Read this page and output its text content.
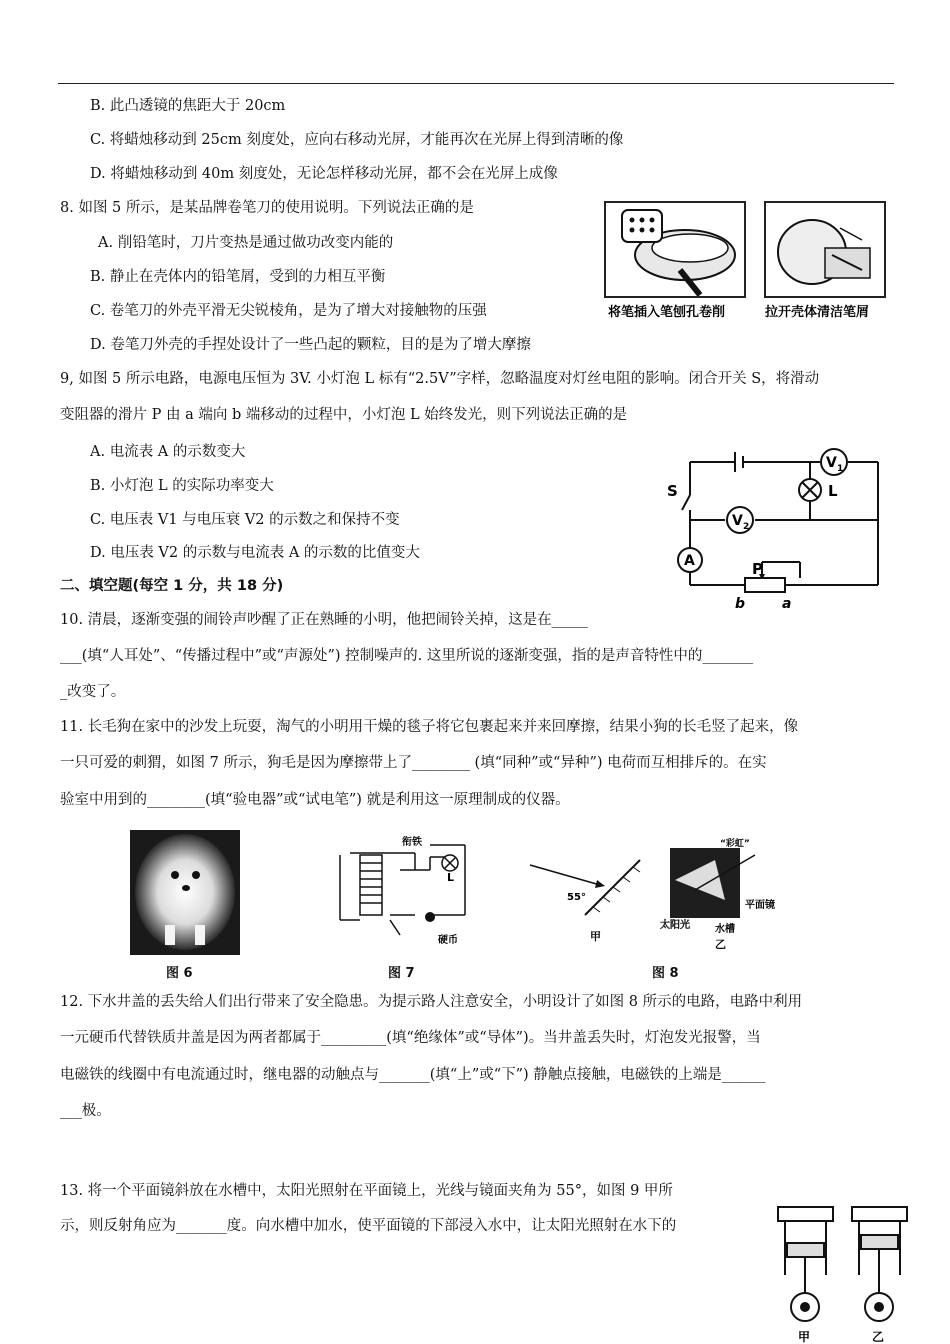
B. 此凸透镜的焦距大于 20cm
C. 将蜡烛移动到 25cm 刻度处，应向右移动光屏，才能再次在光屏上得到清晰的像
D. 将蜡烛移动到 40m 刻度处，无论怎样移动光屏，都不会在光屏上成像
8. 如图 5 所示，是某品牌卷笔刀的使用说明。下列说法正确的是
A. 削铅笔时，刀片变热是通过做功改变内能的
B. 静止在壳体内的铅笔屑，受到的力相互平衡
C. 卷笔刀的外壳平滑无尖锐棱角，是为了增大对接触物的压强
D. 卷笔刀外壳的手捏处设计了一些凸起的颗粒，目的是为了增大摩擦
将笔插入笔刨孔卷削	拉开壳体清洁笔屑
9, 如图 5 所示电路，电源电压恒为 3V. 小灯泡 L 标有“2.5V”字样，忽略温度对灯丝电阻的影响。闭合开关 S，将滑动
变阻器的滑片 P 由 a 端向 b 端移动的过程中，小灯泡 L 始终发光，则下列说法正确的是
A. 电流表 A 的示数变大
B. 小灯泡 L 的实际功率变大
C. 电压表 V1 与电压衰 V2 的示数之和保持不变
D. 电压表 V2 的示数与电流表 A 的示数的比值变大
S
V 1
L
V 2
A	P
b	a
二、填空题(每空 1 分，共 18 分)
10. 清晨，逐渐变强的闹铃声吵醒了正在熟睡的小明，他把闹铃关掉，这是在_____
___(填“人耳处”、“传播过程中”或“声源处”) 控制噪声的. 这里所说的逐渐变强，指的是声音特性中的_______
_改变了。
11. 长毛狗在家中的沙发上玩耍，淘气的小明用干燥的毯子将它包裹起来并来回摩擦，结果小狗的长毛竖了起来，像
一只可爱的刺猬，如图 7 所示，狗毛是因为摩擦带上了________ (填“同种”或“异种”) 电荷而互相排斥的。在实
验室中用到的________(填“验电器”或“试电笔”) 就是利用这一原理制成的仪器。
图 6
衔铁
L
硬币
图 7
55°
甲
“彩虹”
平面镜
太阳光	水槽
乙
图 8
12. 下水井盖的丢失给人们出行带来了安全隐患。为提示路人注意安全，小明设计了如图 8 所示的电路，电路中利用
一元硬币代替铁质井盖是因为两者都属于_________(填“绝缘体”或“导体”)。当井盖丢失时，灯泡发光报警，当
电磁铁的线圈中有电流通过时，继电器的动触点与_______(填“上”或“下”) 静触点接触，电磁铁的上端是______
___极。
13. 将一个平面镜斜放在水槽中，太阳光照射在平面镜上，光线与镜面夹角为 55°，如图 9 甲所
示，则反射角应为_______度。向水槽中加水，使平面镜的下部浸入水中，让太阳光照射在水下的
甲	乙
